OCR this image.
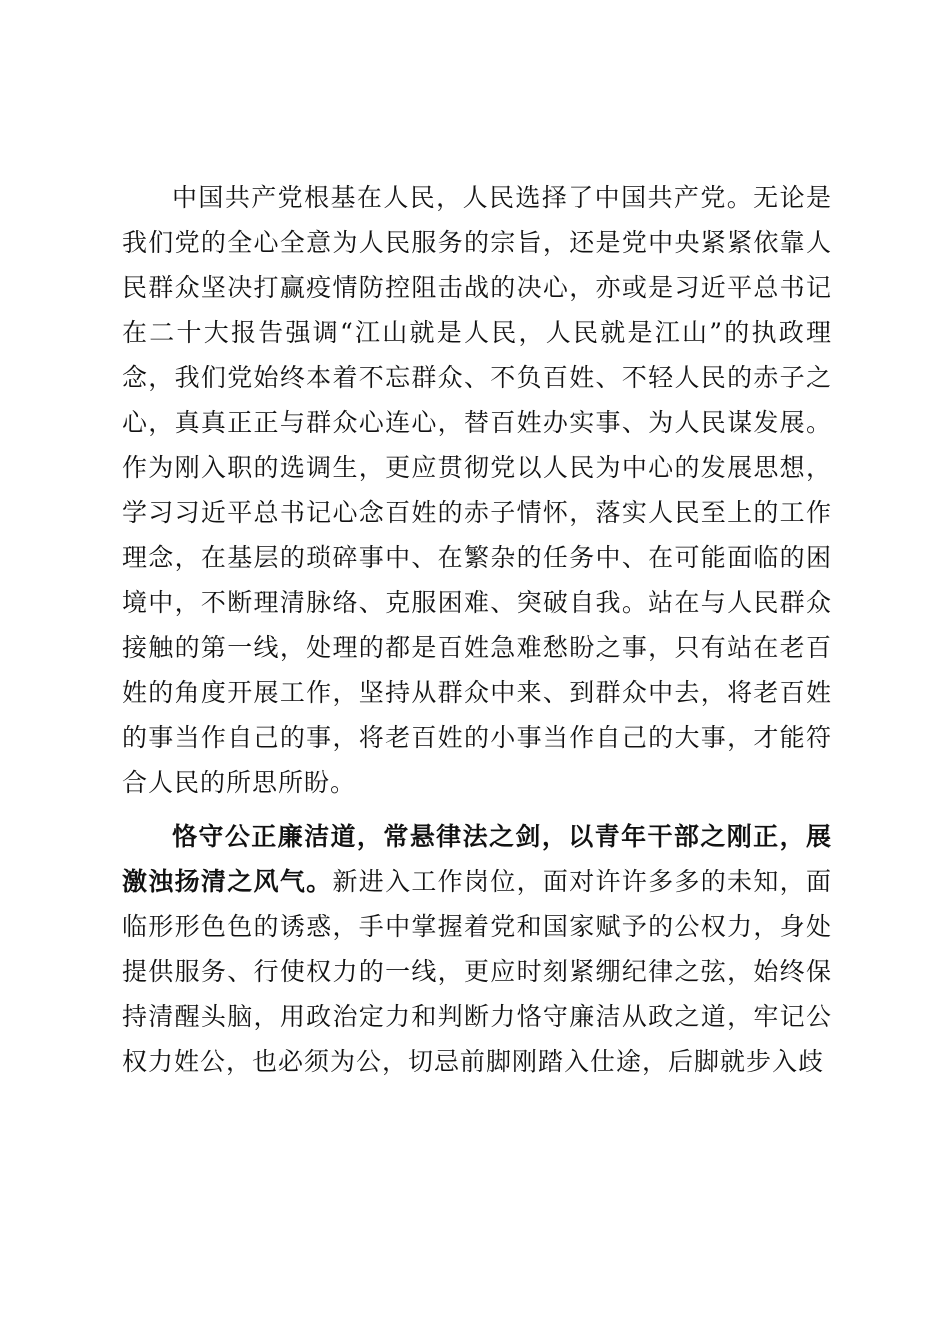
中国共产党根基在人民，人民选择了中国共产党。无论是我们党的全心全意为人民服务的宗旨，还是党中央紧紧依靠人民群众坚决打赢疫情防控阻击战的决心，亦或是习近平总书记在二十大报告强调“江山就是人民，人民就是江山”的执政理念，我们党始终本着不忘群众、不负百姓、不轻人民的赤子之心，真真正正与群众心连心，替百姓办实事、为人民谋发展。作为刚入职的选调生，更应贯彻党以人民为中心的发展思想，学习习近平总书记心念百姓的赤子情怀，落实人民至上的工作理念，在基层的琐碎事中、在繁杂的任务中、在可能面临的困境中，不断理清脉络、克服困难、突破自我。站在与人民群众接触的第一线，处理的都是百姓急难愁盼之事，只有站在老百姓的角度开展工作，坚持从群众中来、到群众中去，将老百姓的事当作自己的事，将老百姓的小事当作自己的大事，才能符合人民的所思所盼。

恪守公正廉洁道，常悬律法之剑，以青年干部之刚正，展激浊扬清之风气。新进入工作岗位，面对许许多多的未知，面临形形色色的诱惑，手中掌握着党和国家赋予的公权力，身处提供服务、行使权力的一线，更应时刻紧绷纪律之弦，始终保持清醒头脑，用政治定力和判断力恪守廉洁从政之道，牢记公权力姓公，也必须为公，切忌前脚刚踏入仕途，后脚就步入歧
